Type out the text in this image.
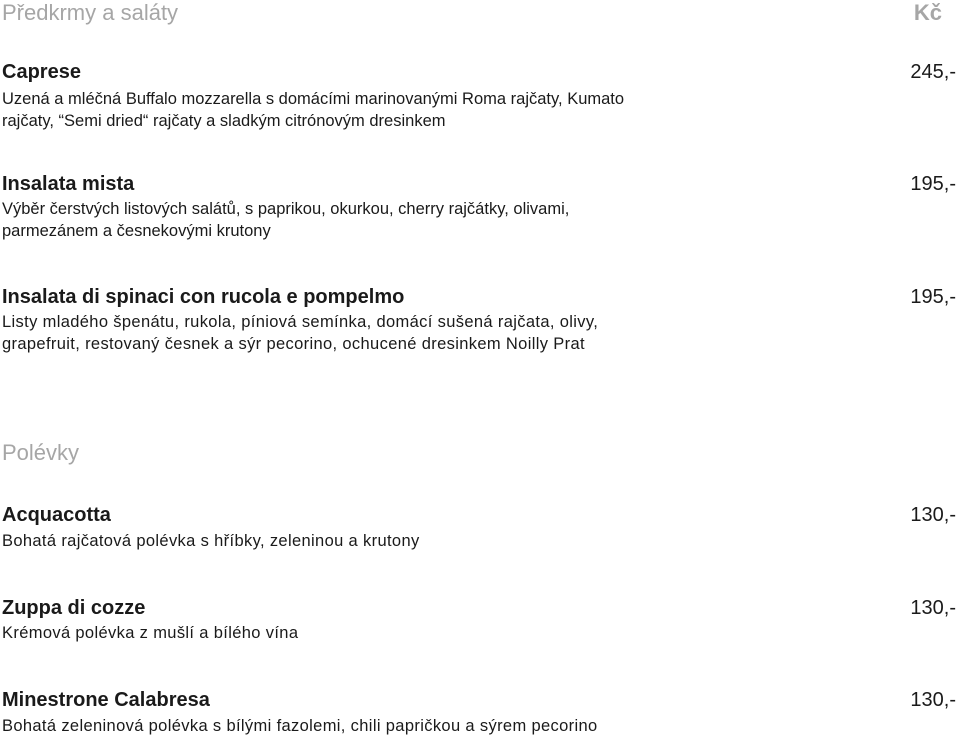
Předkrmy a saláty	Kč
Caprese	245,-
Uzená a mléčná Buffalo mozzarella s domácími marinovanými Roma rajčaty, Kumato
rajčaty, “Semi dried“ rajčaty a sladkým citrónovým dresinkem
Insalata mista	195,-
Výběr čerstvých listových salátů, s paprikou, okurkou, cherry rajčátky, olivami,
parmezánem a česnekovými krutony
Insalata di spinaci con rucola e pompelmo	195,-
Listy mladého špenátu, rukola, píniová semínka, domácí sušená rajčata, olivy,
grapefruit, restovaný česnek a sýr pecorino, ochucené dresinkem Noilly Prat
Polévky
Acquacotta	130,-
Bohatá rajčatová polévka s hříbky, zeleninou a krutony
Zuppa di cozze	130,-
Krémová polévka z mušlí a bílého vína
Minestrone Calabresa	130,-
Bohatá zeleninová polévka s bílými fazolemi, chili papričkou a sýrem pecorino
